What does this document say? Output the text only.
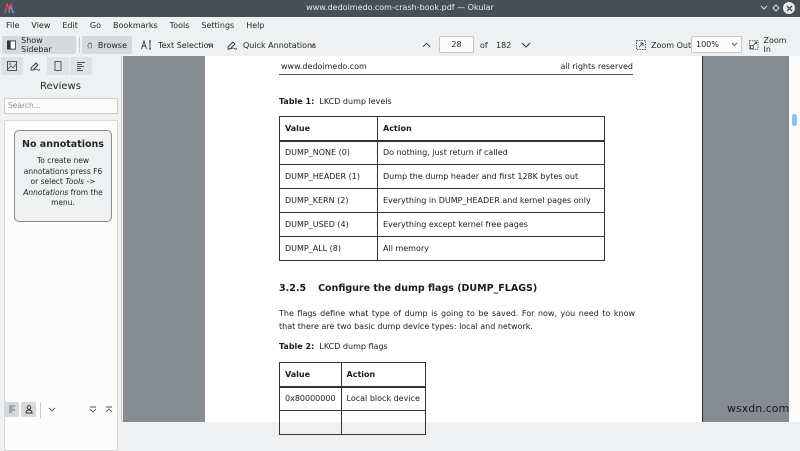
www.dedoimedo.com-crash-book.pdf — Okular
File	View	Edit	Go	Bookmarks	Tools	Settings	Help
Show Sidebar	Browse	Text Selection	Quick Annotations	of 182	Zoom Out	Zoom In
28	100%
Reviews
Search...
No annotations
To create new annotations press F6 or select Tools -> Annotations from the menu.
www.dedoimedo.com	all rights reserved
Table 1: LKCD dump levels
Value	Action
DUMP_NONE (0)	Do nothing, just return if called
DUMP_HEADER (1)	Dump the dump header and first 128K bytes out
DUMP_KERN (2)	Everything in DUMP_HEADER and kernel pages only
DUMP_USED (4)	Everything except kernel free pages
DUMP_ALL (8)	All memory
3.2.5 Configure the dump flags (DUMP_FLAGS)
The flags define what type of dump is going to be saved. For now, you need to know that there are two basic dump device types: local and network.
Table 2: LKCD dump flags
Value	Action
0x80000000	Local block device

wsxdn.com
